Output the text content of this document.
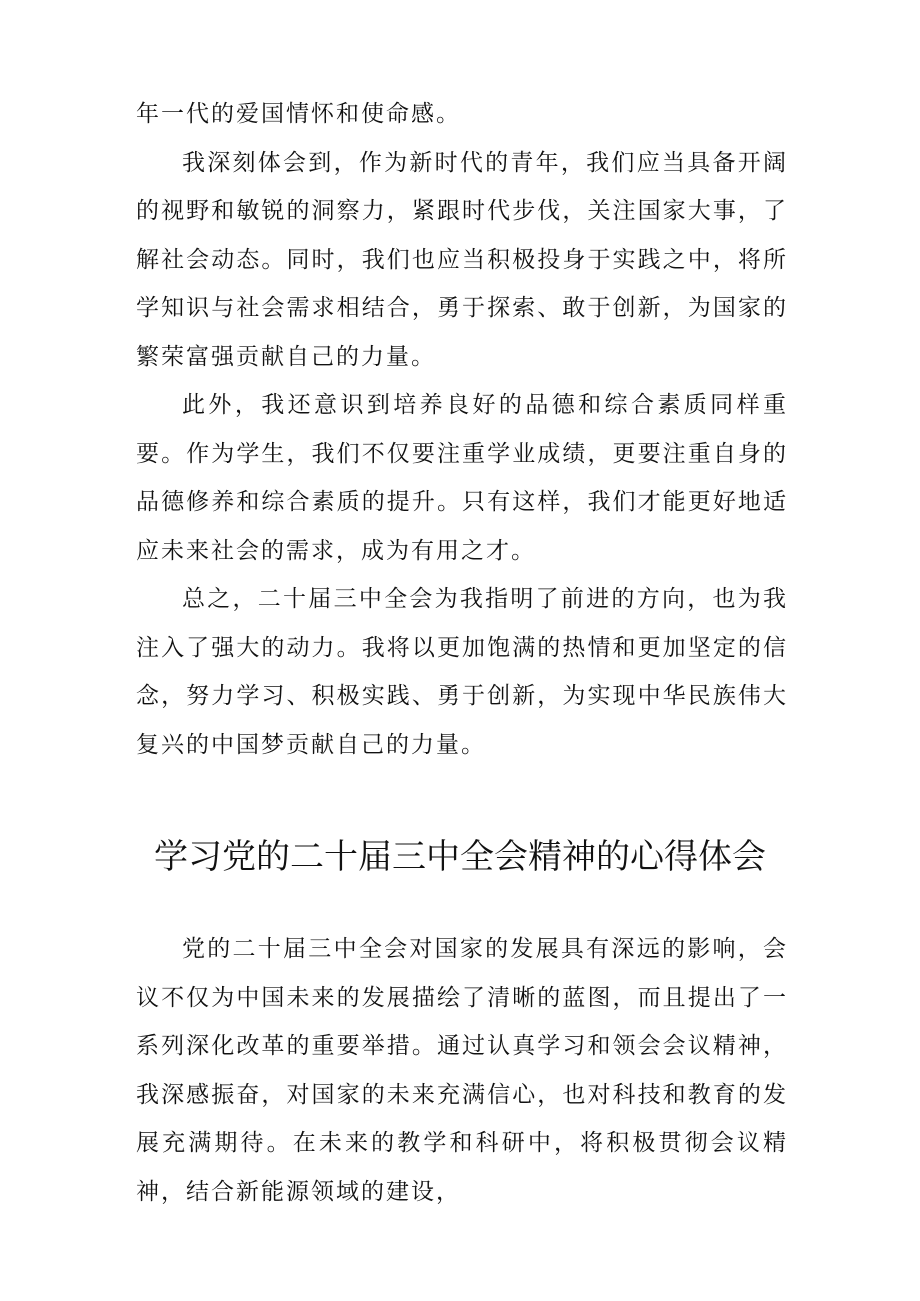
年一代的爱国情怀和使命感。

我深刻体会到，作为新时代的青年，我们应当具备开阔的视野和敏锐的洞察力，紧跟时代步伐，关注国家大事，了解社会动态。同时，我们也应当积极投身于实践之中，将所学知识与社会需求相结合，勇于探索、敢于创新，为国家的繁荣富强贡献自己的力量。

此外，我还意识到培养良好的品德和综合素质同样重要。作为学生，我们不仅要注重学业成绩，更要注重自身的品德修养和综合素质的提升。只有这样，我们才能更好地适应未来社会的需求，成为有用之才。

总之，二十届三中全会为我指明了前进的方向，也为我注入了强大的动力。我将以更加饱满的热情和更加坚定的信念，努力学习、积极实践、勇于创新，为实现中华民族伟大复兴的中国梦贡献自己的力量。

学习党的二十届三中全会精神的心得体会

党的二十届三中全会对国家的发展具有深远的影响，会议不仅为中国未来的发展描绘了清晰的蓝图，而且提出了一系列深化改革的重要举措。通过认真学习和领会会议精神，我深感振奋，对国家的未来充满信心，也对科技和教育的发展充满期待。在未来的教学和科研中，将积极贯彻会议精神，结合新能源领域的建设，
